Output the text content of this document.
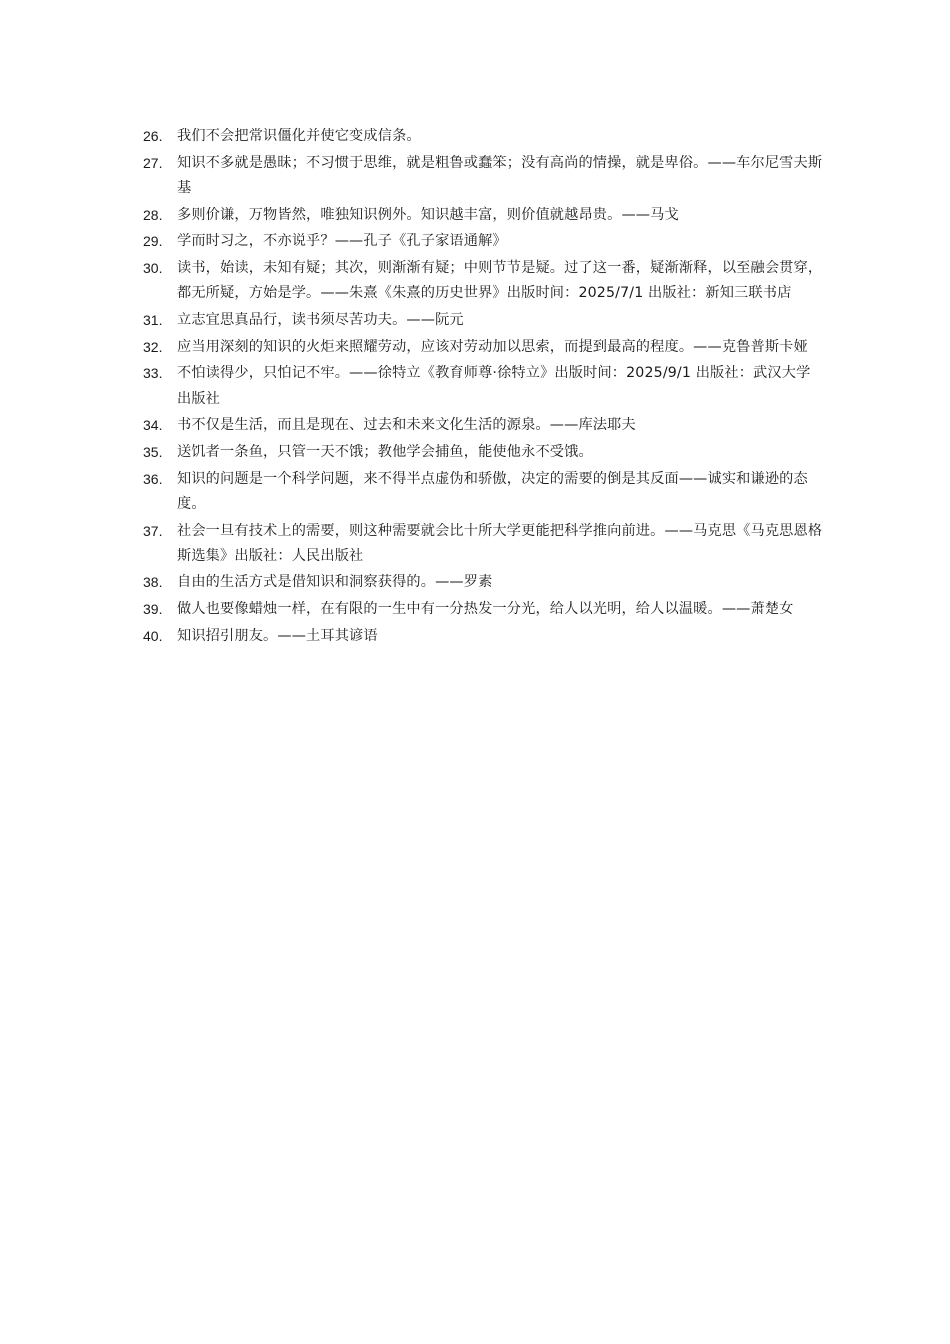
26.	我们不会把常识僵化并使它变成信条。
27.	知识不多就是愚昧；不习惯于思维，就是粗鲁或蠢笨；没有高尚的情操，就是卑俗。——车尔尼雪夫斯基
28.	多则价谦，万物皆然，唯独知识例外。知识越丰富，则价值就越昂贵。——马戈
29.	学而时习之，不亦说乎？——孔子《孔子家语通解》
30.	读书，始读，未知有疑；其次，则渐渐有疑；中则节节是疑。过了这一番，疑渐渐释，以至融会贯穿，都无所疑，方始是学。——朱熹《朱熹的历史世界》出版时间：2025/7/1 出版社：新知三联书店
31.	立志宜思真品行，读书须尽苦功夫。——阮元
32.	应当用深刻的知识的火炬来照耀劳动，应该对劳动加以思索，而提到最高的程度。——克鲁普斯卡娅
33.	不怕读得少，只怕记不牢。——徐特立《教育师尊·徐特立》出版时间：2025/9/1 出版社：武汉大学出版社
34.	书不仅是生活，而且是现在、过去和未来文化生活的源泉。——库法耶夫
35.	送饥者一条鱼，只管一天不饿；教他学会捕鱼，能使他永不受饿。
36.	知识的问题是一个科学问题，来不得半点虚伪和骄傲，决定的需要的倒是其反面——诚实和谦逊的态度。
37.	社会一旦有技术上的需要，则这种需要就会比十所大学更能把科学推向前进。——马克思《马克思恩格斯选集》出版社：人民出版社
38.	自由的生活方式是借知识和洞察获得的。——罗素
39.	做人也要像蜡烛一样，在有限的一生中有一分热发一分光，给人以光明，给人以温暖。——萧楚女
40.	知识招引朋友。——土耳其谚语
